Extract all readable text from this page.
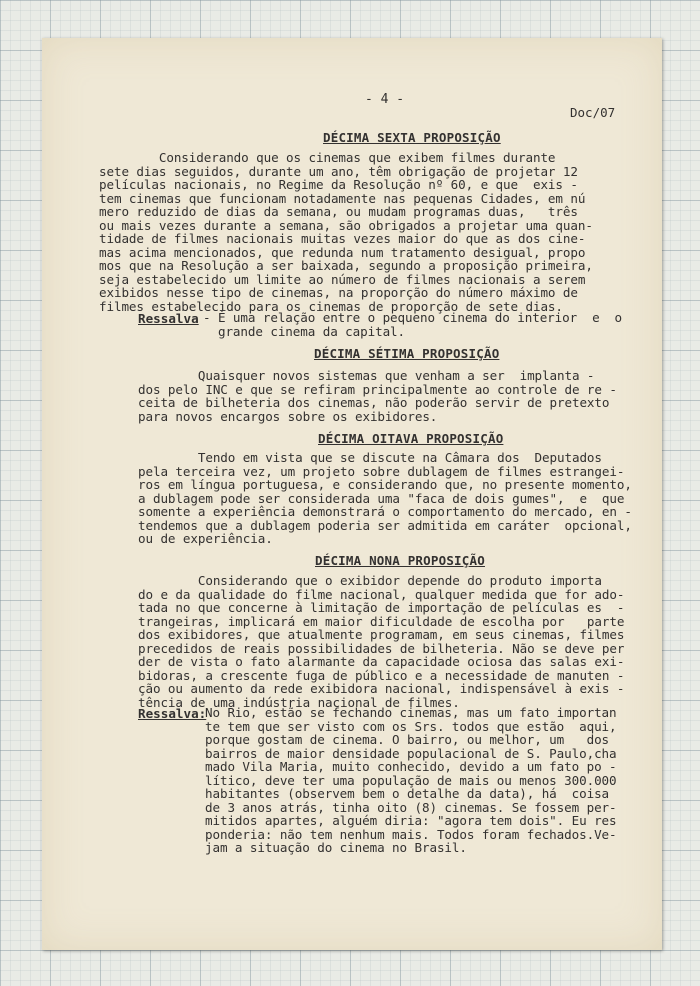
- 4 -
Doc/07
DÉCIMA SEXTA PROPOSIÇÃO
Considerando que os cinemas que exibem filmes durante
sete dias seguidos, durante um ano, têm obrigação de projetar 12
películas nacionais, no Regime da Resolução nº 60, e que  exis -
tem cinemas que funcionam notadamente nas pequenas Cidades, em nú
mero reduzido de dias da semana, ou mudam programas duas,   três
ou mais vezes durante a semana, são obrigados a projetar uma quan-
tidade de filmes nacionais muitas vezes maior do que as dos cine-
mas acima mencionados, que redunda num tratamento desigual, propo
mos que na Resolução a ser baixada, segundo a proposição primeira,
seja estabelecido um limite ao número de filmes nacionais a serem
exibidos nesse tipo de cinemas, na proporção do número máximo de
filmes estabelecido para os cinemas de proporção de sete dias.
Ressalva - É uma relação entre o pequeno cinema do interior  e  o
grande cinema da capital.
DÉCIMA SÉTIMA PROPOSIÇÃO
Quaisquer novos sistemas que venham a ser  implanta -
dos pelo INC e que se refiram principalmente ao controle de re -
ceita de bilheteria dos cinemas, não poderão servir de pretexto
para novos encargos sobre os exibidores.
DÉCIMA OITAVA PROPOSIÇÃO
Tendo em vista que se discute na Câmara dos  Deputados
pela terceira vez, um projeto sobre dublagem de filmes estrangei-
ros em língua portuguesa, e considerando que, no presente momento,
a dublagem pode ser considerada uma "faca de dois gumes",  e  que
somente a experiência demonstrará o comportamento do mercado, en -
tendemos que a dublagem poderia ser admitida em caráter  opcional,
ou de experiência.
DÉCIMA NONA PROPOSIÇÃO
Considerando que o exibidor depende do produto importa
do e da qualidade do filme nacional, qualquer medida que for ado-
tada no que concerne à limitação de importação de películas es  -
trangeiras, implicará em maior dificuldade de escolha por   parte
dos exibidores, que atualmente programam, em seus cinemas, filmes
precedidos de reais possibilidades de bilheteria. Não se deve per
der de vista o fato alarmante da capacidade ociosa das salas exi-
bidoras, a crescente fuga de público e a necessidade de manuten -
ção ou aumento da rede exibidora nacional, indispensável à exis -
tência de uma indústria nacional de filmes.
Ressalva:
No Rio, estão se fechando cinemas, mas um fato importan
te tem que ser visto com os Srs. todos que estão  aqui,
porque gostam de cinema. O bairro, ou melhor, um   dos
bairros de maior densidade populacional de S. Paulo,cha
mado Vila Maria, muito conhecido, devido a um fato po -
lítico, deve ter uma população de mais ou menos 300.000
habitantes (observem bem o detalhe da data), há  coisa
de 3 anos atrás, tinha oito (8) cinemas. Se fossem per-
mitidos apartes, alguém diria: "agora tem dois". Eu res
ponderia: não tem nenhum mais. Todos foram fechados.Ve-
jam a situação do cinema no Brasil.
